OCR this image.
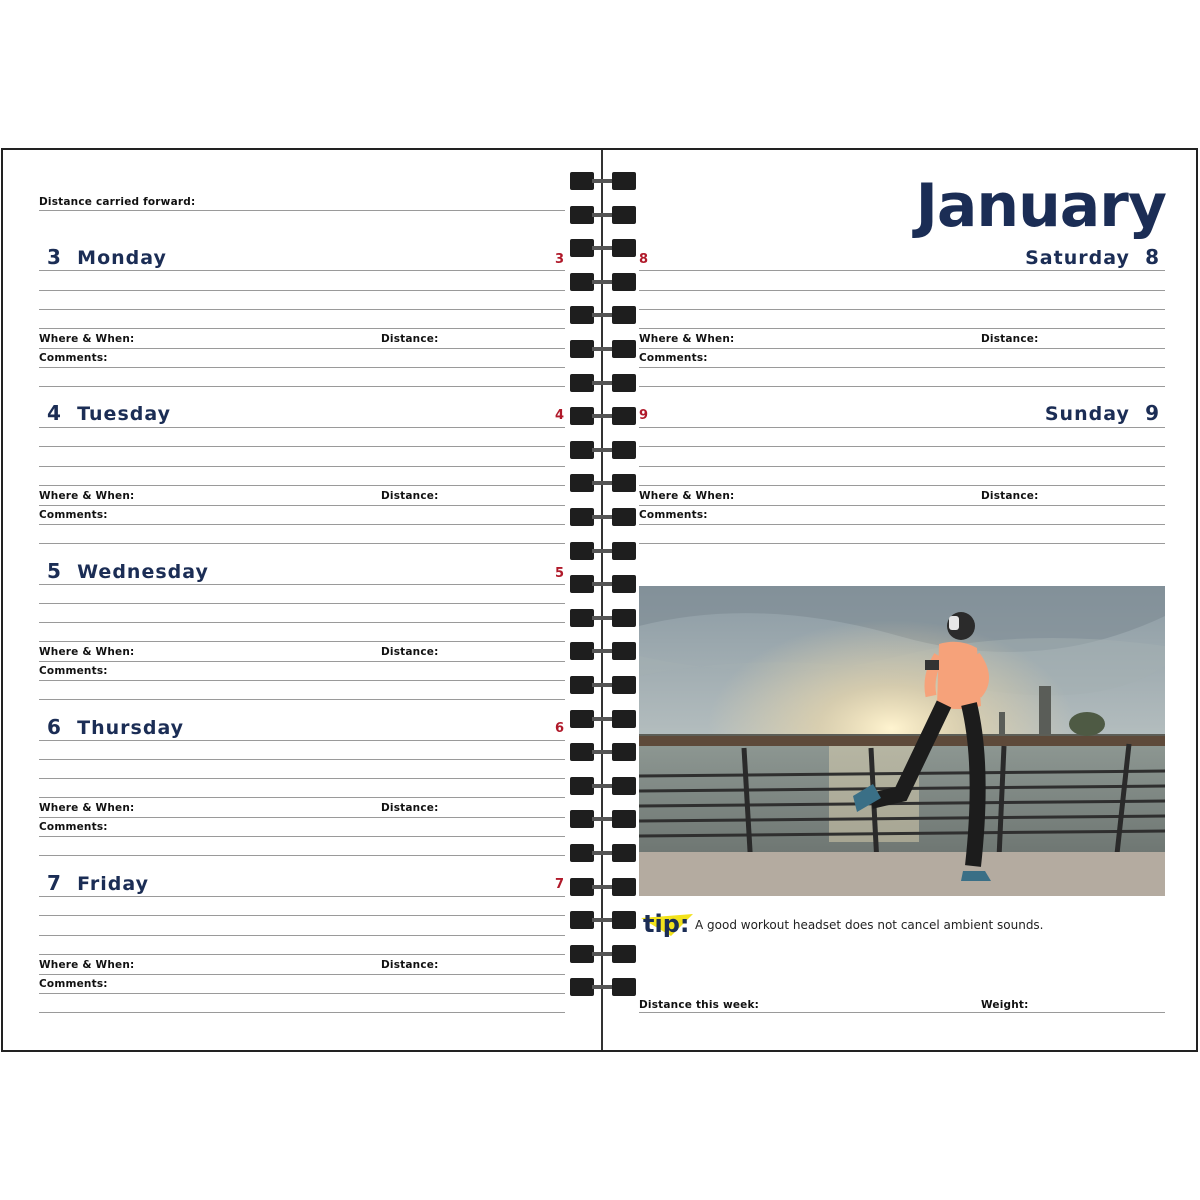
Distance carried forward:
3 Monday	3
Where & When:	Distance:
Comments:
4 Tuesday	4
Where & When:	Distance:
Comments:
5 Wednesday	5
Where & When:	Distance:
Comments:
6 Thursday	6
Where & When:	Distance:
Comments:
7 Friday	7
Where & When:	Distance:
Comments:
January
8	Saturday 8
Where & When:	Distance:
Comments:
9	Sunday 9
Where & When:	Distance:
Comments:
tip: A good workout headset does not cancel ambient sounds.
Distance this week:	Weight:
